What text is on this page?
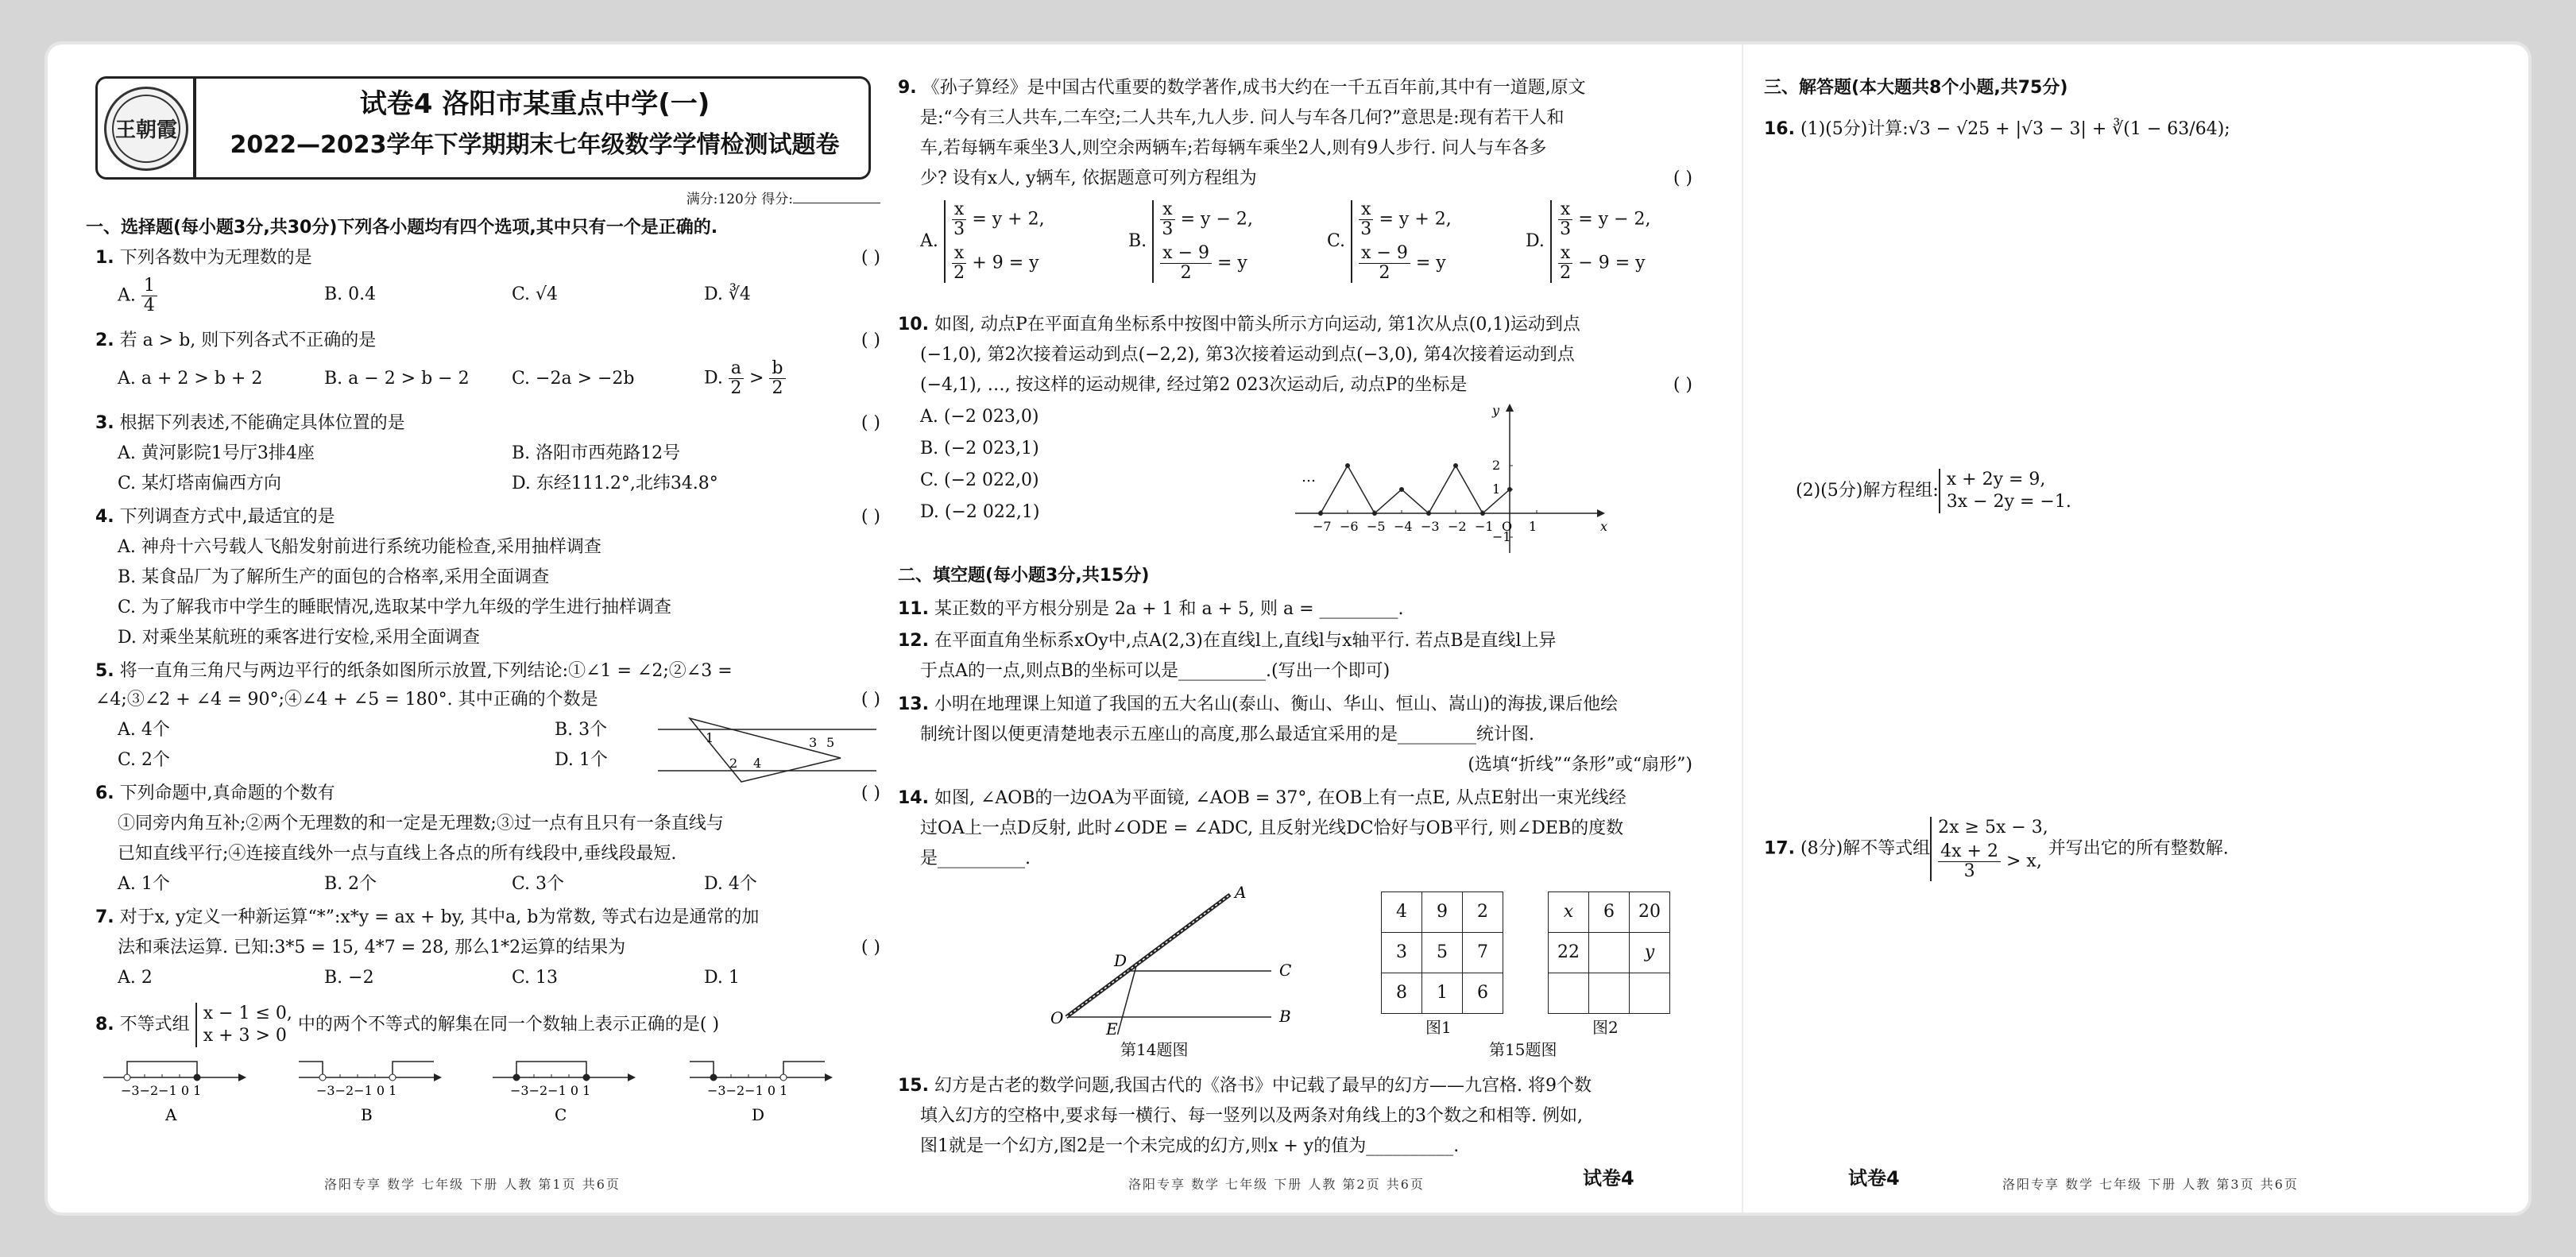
王朝霞
试卷4 洛阳市某重点中学(一)
2022—2023学年下学期期末七年级数学学情检测试题卷
满分:120分 得分:
一、选择题(每小题3分,共30分)下列各小题均有四个选项,其中只有一个是正确的.
1. 下列各数中为无理数的是	( )
A. $\frac{1}{4}$	B. 0.4	C. √4	D. ∛4
2. 若 a > b, 则下列各式不正确的是	( )
A. a + 2 > b + 2	B. a − 2 > b − 2 C. −2a > −2b	D. $\frac{a}{2} > \frac{b}{2}$
3. 根据下列表述,不能确定具体位置的是	( )
A. 黄河影院1号厅3排4座	B. 洛阳市西苑路12号
C. 某灯塔南偏西方向	D. 东经111.2°,北纬34.8°
4. 下列调查方式中,最适宜的是	( )
A. 神舟十六号载人飞船发射前进行系统功能检查,采用抽样调查
B. 某食品厂为了解所生产的面包的合格率,采用全面调查
C. 为了解我市中学生的睡眠情况,选取某中学九年级的学生进行抽样调查
D. 对乘坐某航班的乘客进行安检,采用全面调查
5. 将一直角三角尺与两边平行的纸条如图所示放置,下列结论:①∠1 = ∠2;②∠3 =
∠4;③∠2 + ∠4 = 90°;④∠4 + ∠5 = 180°. 其中正确的个数是	( )
A. 4个	B. 3个
C. 2个	D. 1个
1
2
3
4
5
6. 下列命题中,真命题的个数有	( )
①同旁内角互补;②两个无理数的和一定是无理数;③过一点有且只有一条直线与
已知直线平行;④连接直线外一点与直线上各点的所有线段中,垂线段最短.
A. 1个	B. 2个	C. 3个	D. 4个
7. 对于x, y定义一种新运算“*”:x*y = ax + by, 其中a, b为常数, 等式右边是通常的加
法和乘法运算. 已知:3*5 = 15, 4*7 = 28, 那么1*2运算的结果为	( )
A. 2	B. −2	C. 13	D. 1
8. 不等式组
x − 1 ≤ 0,
x + 3 > 0
中的两个不等式的解集在同一个数轴上表示正确的是( )
−3−2−1 0 1
A
−3−2−1 0 1
B
−3−2−1 0 1
C
−3−2−1 0 1
D
洛阳专享 数学 七年级 下册 人教 第1页 共6页
9. 《孙子算经》是中国古代重要的数学著作,成书大约在一千五百年前,其中有一道题,原文
是:“今有三人共车,二车空;二人共车,九人步. 问人与车各几何?”意思是:现有若干人和
车,若每辆车乘坐3人,则空余两辆车;若每辆车乘坐2人,则有9人步行. 问人与车各多
少? 设有x人, y辆车, 依据题意可列方程组为	( )
A.
$\frac{x}{3} = y + 2$,
$\frac{x}{2} + 9 = y$
B.
$\frac{x}{3} = y - 2$,
$\frac{x - 9}{2} = y$
C.
$\frac{x}{3} = y + 2$,
$\frac{x - 9}{2} = y$
D.
$\frac{x}{3} = y - 2$,
$\frac{x}{2} - 9 = y$
10. 如图, 动点P在平面直角坐标系中按图中箭头所示方向运动, 第1次从点(0,1)运动到点
(−1,0), 第2次接着运动到点(−2,2), 第3次接着运动到点(−3,0), 第4次接着运动到点
(−4,1), …, 按这样的运动规律, 经过第2 023次运动后, 动点P的坐标是	( )
A. (−2 023,0)
B. (−2 023,1)
C. (−2 022,0)
D. (−2 022,1)
−7 −6 −5 −4 −3 −2 −1 O 1
2
1
−1
x
y
…
二、填空题(每小题3分,共15分)
11. 某正数的平方根分别是 2a + 1 和 a + 5, 则 a = _________.
12. 在平面直角坐标系xOy中,点A(2,3)在直线l上,直线l与x轴平行. 若点B是直线l上异
于点A的一点,则点B的坐标可以是__________.(写出一个即可)
13. 小明在地理课上知道了我国的五大名山(泰山、衡山、华山、恒山、嵩山)的海拔,课后他绘
制统计图以便更清楚地表示五座山的高度,那么最适宜采用的是_________统计图.
(选填“折线”“条形”或“扇形”)
14. 如图, ∠AOB的一边OA为平面镜, ∠AOB = 37°, 在OB上有一点E, 从点E射出一束光线经
过OA上一点D反射, 此时∠ODE = ∠ADC, 且反射光线DC恰好与OB平行, 则∠DEB的度数
是__________.
A
B
C
D
E
O
第14题图
4	9	2
3	5	7
8	1	6
x	6	20
22		y

图1	图2
第15题图
15. 幻方是古老的数学问题,我国古代的《洛书》中记载了最早的幻方——九宫格. 将9个数
填入幻方的空格中,要求每一横行、每一竖列以及两条对角线上的3个数之和相等. 例如,
图1就是一个幻方,图2是一个未完成的幻方,则x + y的值为__________.
洛阳专享 数学 七年级 下册 人教 第2页 共6页	试卷4
三、解答题(本大题共8个小题,共75分)
16. (1)(5分)计算:√3 − √25 + |√3 − 3| + ∛(1 − 63/64);
(2)(5分)解方程组:
x + 2y = 9,
3x − 2y = −1.
17. (8分)解不等式组
2x ≥ 5x − 3,
$\frac{4x + 2}{3} > x$,
并写出它的所有整数解.
试卷4	洛阳专享 数学 七年级 下册 人教 第3页 共6页
